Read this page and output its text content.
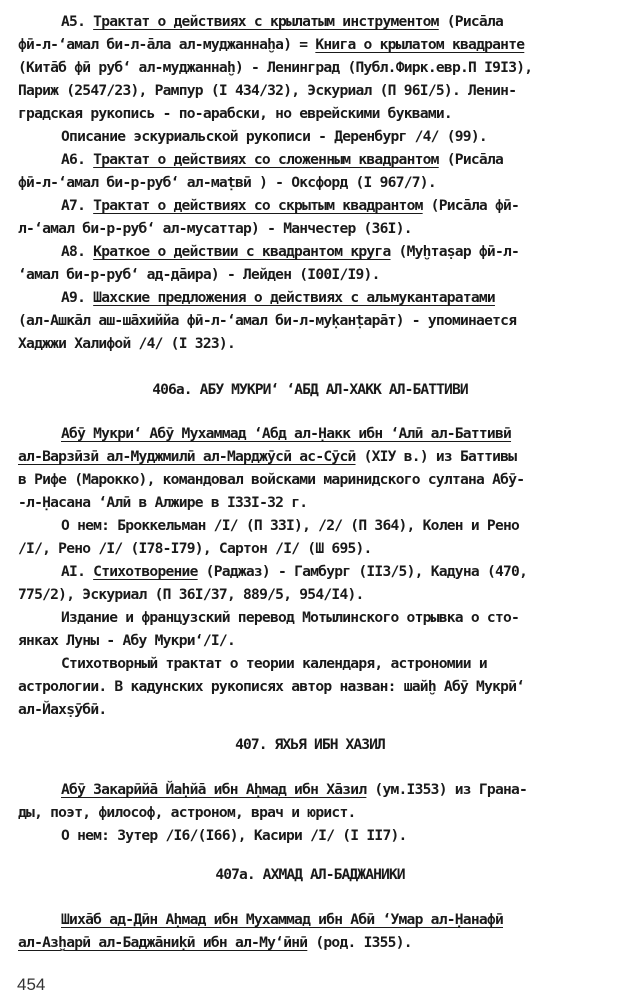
А5. Трактат о действиях с крылатым инструментом (Рисāла
фӣ-л-ʻамал би-л-āла ал-муджаннаḫа) = Книга о крылатом квадранте
(Китāб фӣ рубʻ ал-муджаннаḫ) - Ленинград (Публ.Фирк.евр.П I9I3),
Париж (2547/23), Рампур (I 434/32), Эскуриал (П 96I/5). Ленин-
градская рукопись - по-арабски, но еврейскими буквами.
Описание эскуриальской рукописи - Деренбург /4/ (99).
А6. Трактат о действиях со сложенным квадрантом (Рисāла
фӣ-л-ʻамал би-р-рубʻ ал-маṭвӣ ) - Оксфорд (I 967/7).
А7. Трактат о действиях со скрытым квадрантом (Рисāла фӣ-
л-ʻамал би-р-рубʻ ал-мусаттар) - Манчестер (36I).
А8. Краткое о действии с квадрантом круга (Муḫтаṣар фӣ-л-
ʻамал би-р-рубʻ ад-дāира) - Лейден (I00I/I9).
А9. Шахские предложения о действиях с альмукантаратами
(ал-Ашкāл аш-шāхиййа фӣ-л-ʻамал би-л-муḳанṭарāт) - упоминается
Хаджжи Халифой /4/ (I 323).
406а. АБУ МУКРИʻ ʻАБД АЛ-ХАКК АЛ-БАТТИВИ
Абӯ Мукриʻ Абӯ Мухаммад ʻАбд ал-Ḥакк ибн ʻАлӣ ал-Баттивӣ
ал-Варзӣзӣ ал-Муджмилӣ ал-Марджӯсӣ ас-Сӯсӣ (XIУ в.) из Баттивы
в Рифе (Марокко), командовал войсками маринидского султана Абӯ-
-л-Ḥасана ʻАлӣ в Алжире в I33I-32 г.
О нем: Броккельман /I/ (П 33I), /2/ (П 364), Колен и Рено
/I/, Рено /I/ (I78-I79), Сартон /I/ (Ш 695).
АI. Стихотворение (Раджаз) - Гамбург (II3/5), Кадуна (470,
775/2), Эскуриал (П 36I/37, 889/5, 954/I4).
Издание и французский перевод Мотылинского отрывка о сто-
янках Луны - Абу Мукриʻ/I/.
Стихотворный трактат о теории календаря, астрономии и
астрологии. В кадунских рукописях автор назван: шайḫ Абӯ Мукрӣʻ
ал-Йахṣӯбӣ.
407. ЯХЬЯ ИБН ХАЗИЛ
Абӯ Закарӣйā Йаḥйā ибн Аḥмад ибн Хāзил (ум.I353) из Грана-
ды, поэт, философ, астроном, врач и юрист.
О нем: Зутер /I6/(I66), Касири /I/ (I II7).
407а. АХМАД АЛ-БАДЖАНИКИ
Шихāб ад-Дӣн Аḥмад ибн Мухаммад ибн Абӣ ʻУмар ал-Ḥанафӣ
ал-Азḫарӣ ал-Баджāниḳӣ ибн ал-Муʻӣнӣ (род. I355).
454
